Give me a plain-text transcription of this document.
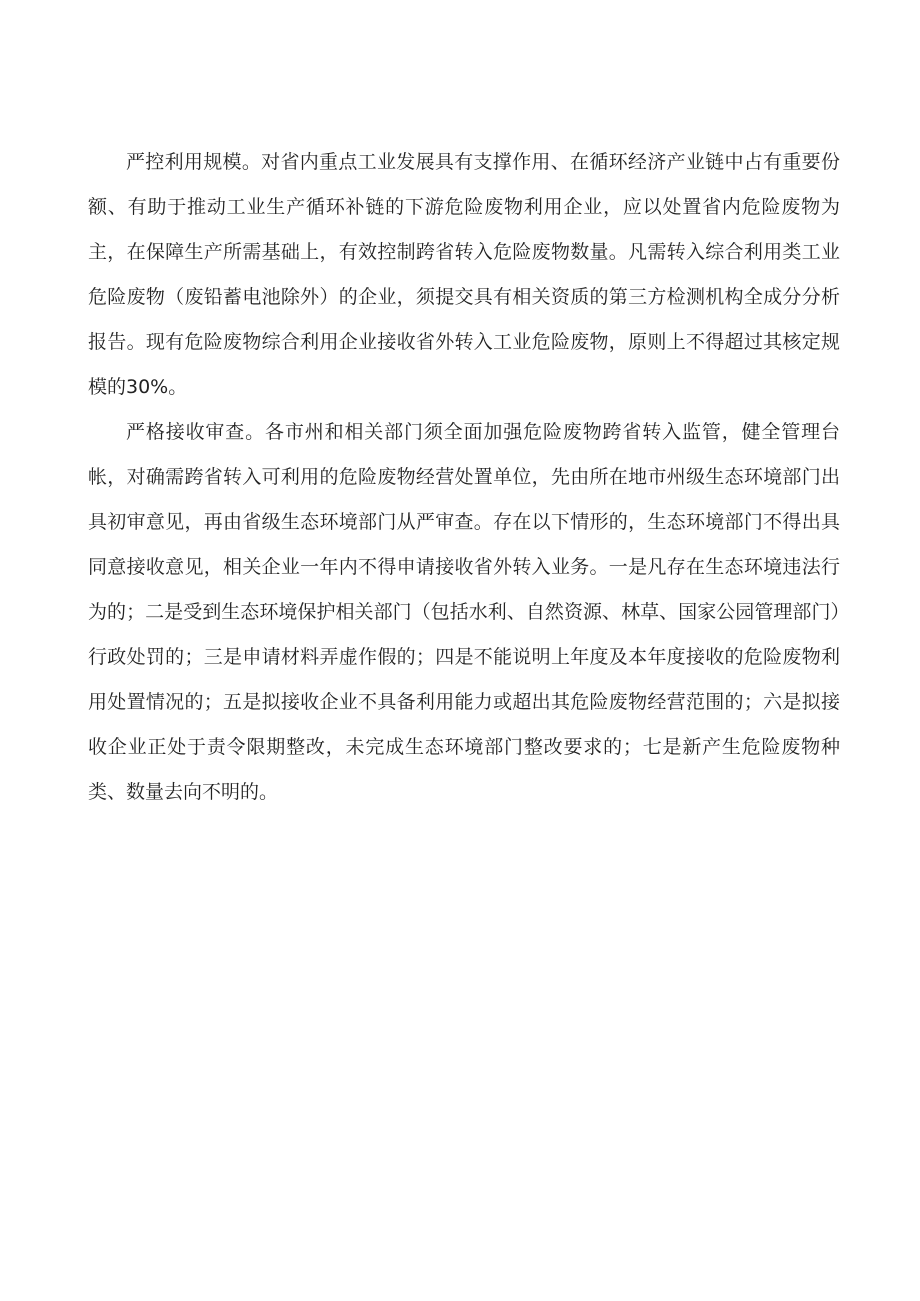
严控利用规模。对省内重点工业发展具有支撑作用、在循环经济产业链中占有重要份额、有助于推动工业生产循环补链的下游危险废物利用企业，应以处置省内危险废物为主，在保障生产所需基础上，有效控制跨省转入危险废物数量。凡需转入综合利用类工业危险废物（废铅蓄电池除外）的企业，须提交具有相关资质的第三方检测机构全成分分析报告。现有危险废物综合利用企业接收省外转入工业危险废物，原则上不得超过其核定规模的30%。

严格接收审查。各市州和相关部门须全面加强危险废物跨省转入监管，健全管理台帐，对确需跨省转入可利用的危险废物经营处置单位，先由所在地市州级生态环境部门出具初审意见，再由省级生态环境部门从严审查。存在以下情形的，生态环境部门不得出具同意接收意见，相关企业一年内不得申请接收省外转入业务。一是凡存在生态环境违法行为的；二是受到生态环境保护相关部门（包括水利、自然资源、林草、国家公园管理部门）行政处罚的；三是申请材料弄虚作假的；四是不能说明上年度及本年度接收的危险废物利用处置情况的；五是拟接收企业不具备利用能力或超出其危险废物经营范围的；六是拟接收企业正处于责令限期整改，未完成生态环境部门整改要求的；七是新产生危险废物种类、数量去向不明的。
